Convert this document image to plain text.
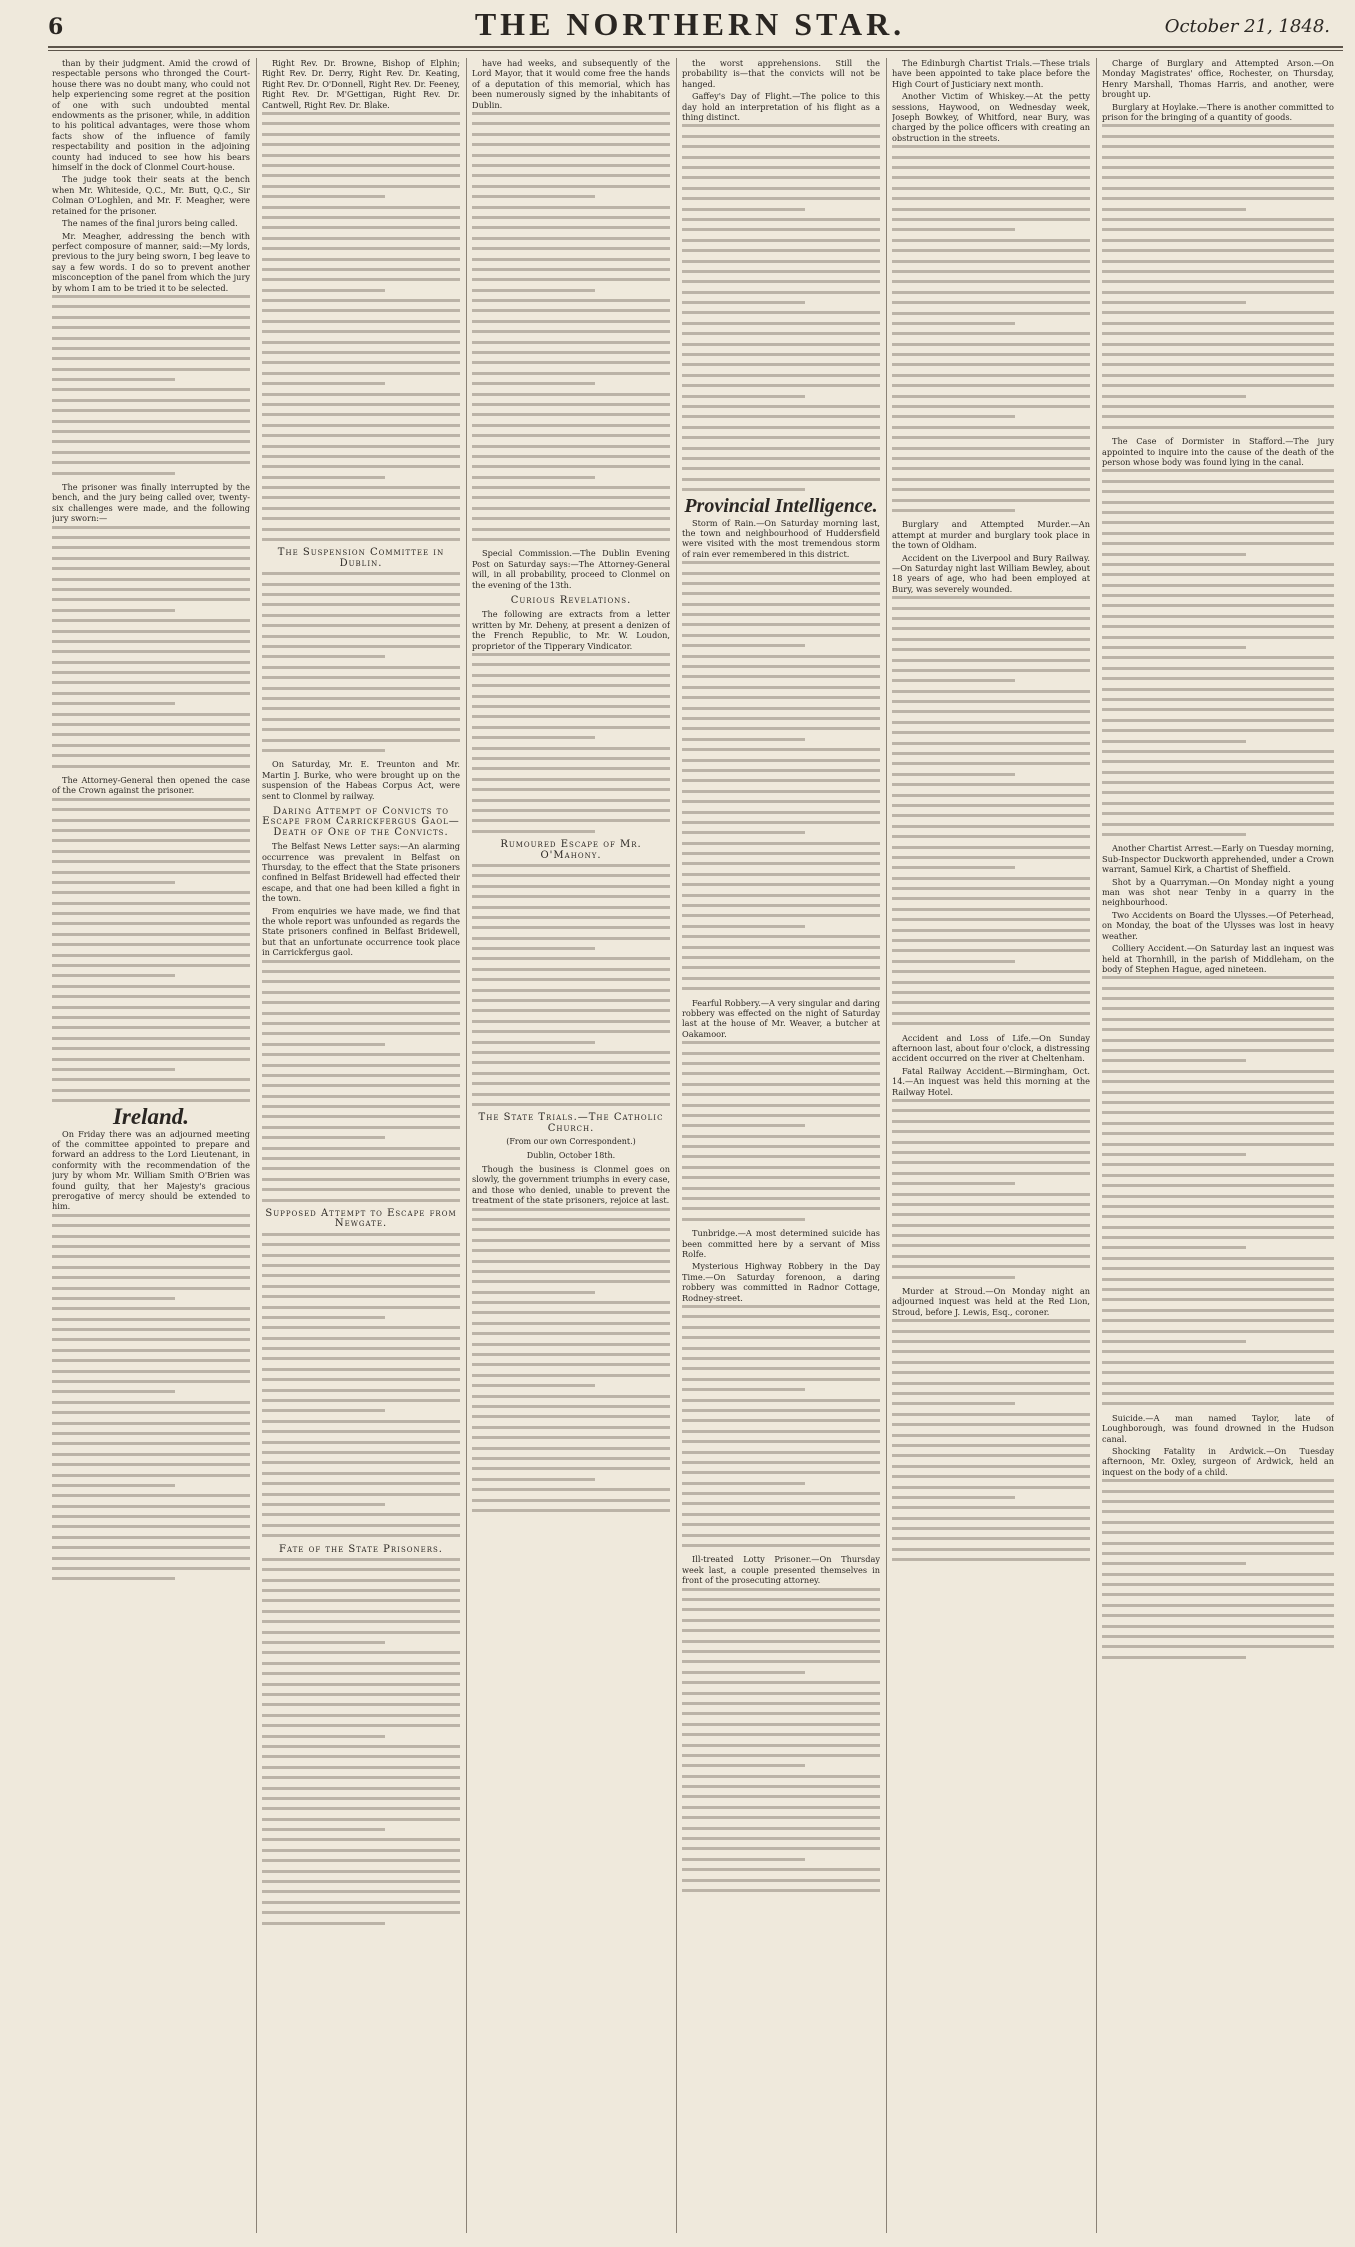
6	THE NORTHERN STAR.	October 21, 1848.

than by their judgment. Amid the crowd of respectable persons who thronged the Court-house there was no doubt many, who could not help experiencing some regret at the position of one with such undoubted mental endowments as the prisoner, while, in addition to his political advantages, were those whom facts show of the influence of family respectability and position in the adjoining county had induced to see how his bears himself in the dock of Clonmel Court-house.

The judge took their seats at the bench when Mr. Whiteside, Q.C., Mr. Butt, Q.C., Sir Colman O'Loghlen, and Mr. F. Meagher, were retained for the prisoner.

The names of the final jurors being called.

Mr. Meagher, addressing the bench with perfect composure of manner, said:—My lords, previous to the jury being sworn, I beg leave to say a few words. I do so to prevent another misconception of the panel from which the jury by whom I am to be tried it to be selected.

The prisoner was finally interrupted by the bench, and the jury being called over, twenty-six challenges were made, and the following jury sworn:—

The Attorney-General then opened the case of the Crown against the prisoner.

Ireland.

On Friday there was an adjourned meeting of the committee appointed to prepare and forward an address to the Lord Lieutenant, in conformity with the recommendation of the jury by whom Mr. William Smith O'Brien was found guilty, that her Majesty's gracious prerogative of mercy should be extended to him.

Right Rev. Dr. Browne, Bishop of Elphin; Right Rev. Dr. Derry, Right Rev. Dr. Keating, Right Rev. Dr. O'Donnell, Right Rev. Dr. Feeney, Right Rev. Dr. M'Gettigan, Right Rev. Dr. Cantwell, Right Rev. Dr. Blake.

The Suspension Committee in Dublin.

On Saturday, Mr. E. Treunton and Mr. Martin J. Burke, who were brought up on the suspension of the Habeas Corpus Act, were sent to Clonmel by railway.

Daring Attempt of Convicts to Escape from Carrickfergus Gaol—Death of One of the Convicts.

The Belfast News Letter says:—An alarming occurrence was prevalent in Belfast on Thursday, to the effect that the State prisoners confined in Belfast Bridewell had effected their escape, and that one had been killed a fight in the town.

From enquiries we have made, we find that the whole report was unfounded as regards the State prisoners confined in Belfast Bridewell, but that an unfortunate occurrence took place in Carrickfergus gaol.

Supposed Attempt to Escape from Newgate.
Fate of the State Prisoners.

have had weeks, and subsequently of the Lord Mayor, that it would come free the hands of a deputation of this memorial, which has been numerously signed by the inhabitants of Dublin.

Special Commission.—The Dublin Evening Post on Saturday says:—The Attorney-General will, in all probability, proceed to Clonmel on the evening of the 13th.

Curious Revelations.

The following are extracts from a letter written by Mr. Deheny, at present a denizen of the French Republic, to Mr. W. Loudon, proprietor of the Tipperary Vindicator.

Rumoured Escape of Mr. O'Mahony.
The State Trials.—The Catholic Church.
(From our own Correspondent.)
Dublin, October 18th.

Though the business is Clonmel goes on slowly, the government triumphs in every case, and those who denied, unable to prevent the treatment of the state prisoners, rejoice at last.

the worst apprehensions. Still the probability is—that the convicts will not be hanged.

Gaffey's Day of Flight.—The police to this day hold an interpretation of his flight as a thing distinct.

Provincial Intelligence.

Storm of Rain.—On Saturday morning last, the town and neighbourhood of Huddersfield were visited with the most tremendous storm of rain ever remembered in this district.

Fearful Robbery.—A very singular and daring robbery was effected on the night of Saturday last at the house of Mr. Weaver, a butcher at Oakamoor.

Tunbridge.—A most determined suicide has been committed here by a servant of Miss Rolfe.

Mysterious Highway Robbery in the Day Time.—On Saturday forenoon, a daring robbery was committed in Radnor Cottage, Rodney-street.

Ill-treated Lotty Prisoner.—On Thursday week last, a couple presented themselves in front of the prosecuting attorney.

The Edinburgh Chartist Trials.—These trials have been appointed to take place before the High Court of Justiciary next month.

Another Victim of Whiskey.—At the petty sessions, Haywood, on Wednesday week, Joseph Bowkey, of Whitford, near Bury, was charged by the police officers with creating an obstruction in the streets.

Burglary and Attempted Murder.—An attempt at murder and burglary took place in the town of Oldham.

Accident on the Liverpool and Bury Railway.—On Saturday night last William Bewley, about 18 years of age, who had been employed at Bury, was severely wounded.

Accident and Loss of Life.—On Sunday afternoon last, about four o'clock, a distressing accident occurred on the river at Cheltenham.

Fatal Railway Accident.—Birmingham, Oct. 14.—An inquest was held this morning at the Railway Hotel.

Murder at Stroud.—On Monday night an adjourned inquest was held at the Red Lion, Stroud, before J. Lewis, Esq., coroner.

Charge of Burglary and Attempted Arson.—On Monday Magistrates' office, Rochester, on Thursday, Henry Marshall, Thomas Harris, and another, were brought up.

Burglary at Hoylake.—There is another committed to prison for the bringing of a quantity of goods.

The Case of Dormister in Stafford.—The jury appointed to inquire into the cause of the death of the person whose body was found lying in the canal.

Another Chartist Arrest.—Early on Tuesday morning, Sub-Inspector Duckworth apprehended, under a Crown warrant, Samuel Kirk, a Chartist of Sheffield.

Shot by a Quarryman.—On Monday night a young man was shot near Tenby in a quarry in the neighbourhood.

Two Accidents on Board the Ulysses.—Of Peterhead, on Monday, the boat of the Ulysses was lost in heavy weather.

Colliery Accident.—On Saturday last an inquest was held at Thornhill, in the parish of Middleham, on the body of Stephen Hague, aged nineteen.

Suicide.—A man named Taylor, late of Loughborough, was found drowned in the Hudson canal.

Shocking Fatality in Ardwick.—On Tuesday afternoon, Mr. Oxley, surgeon of Ardwick, held an inquest on the body of a child.
